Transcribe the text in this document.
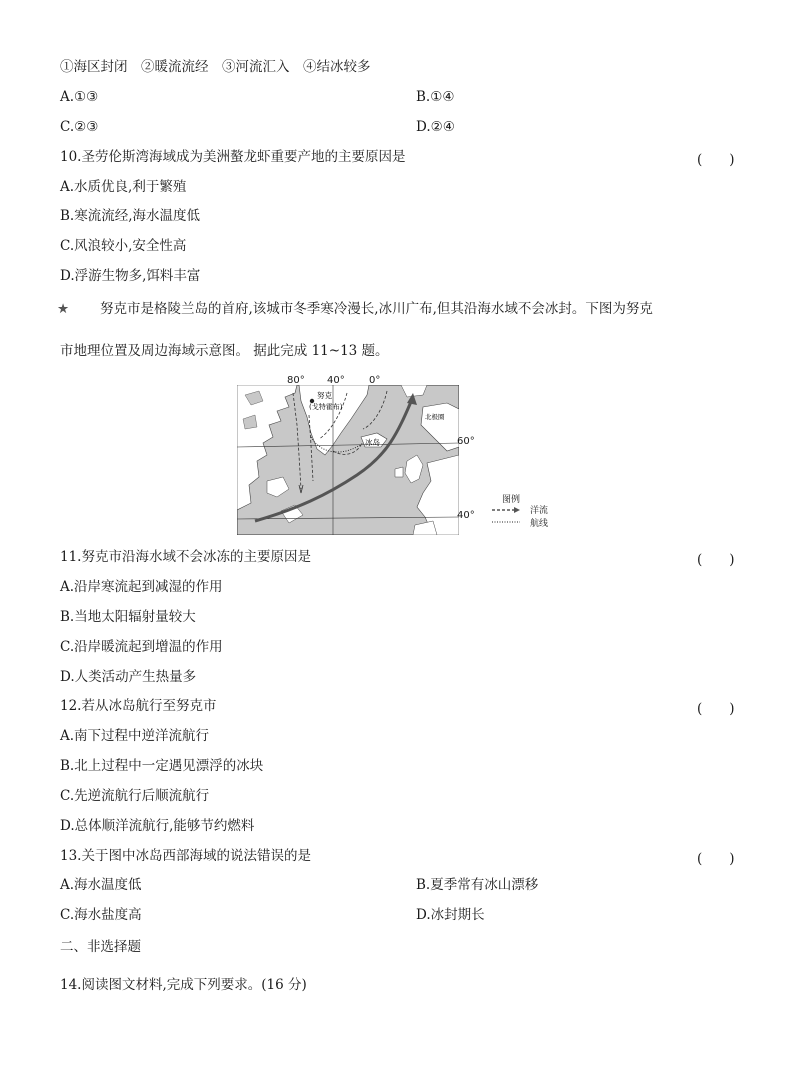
①海区封闭　②暖流流经　③河流汇入　④结冰较多
A.①③	B.①④
C.②③	D.②④
10.圣劳伦斯湾海域成为美洲螯龙虾重要产地的主要原因是	(　　)
A.水质优良,利于繁殖
B.寒流流经,海水温度低
C.风浪较小,安全性高
D.浮游生物多,饵料丰富
★ 努克市是格陵兰岛的首府,该城市冬季寒冷漫长,冰川广布,但其沿海水域不会冰封。下图为努克
市地理位置及周边海域示意图。 据此完成 11~13 题。
努克
(戈特霍布)
冰岛
北极圈
80° 40° 0°
60°
40°
图例
洋流
航线
11.努克市沿海水域不会冰冻的主要原因是	(　　)
A.沿岸寒流起到减湿的作用
B.当地太阳辐射量较大
C.沿岸暖流起到增温的作用
D.人类活动产生热量多
12.若从冰岛航行至努克市	(　　)
A.南下过程中逆洋流航行
B.北上过程中一定遇见漂浮的冰块
C.先逆流航行后顺流航行
D.总体顺洋流航行,能够节约燃料
13.关于图中冰岛西部海域的说法错误的是	(　　)
A.海水温度低	B.夏季常有冰山漂移
C.海水盐度高	D.冰封期长
二、非选择题
14.阅读图文材料,完成下列要求。(16 分)
